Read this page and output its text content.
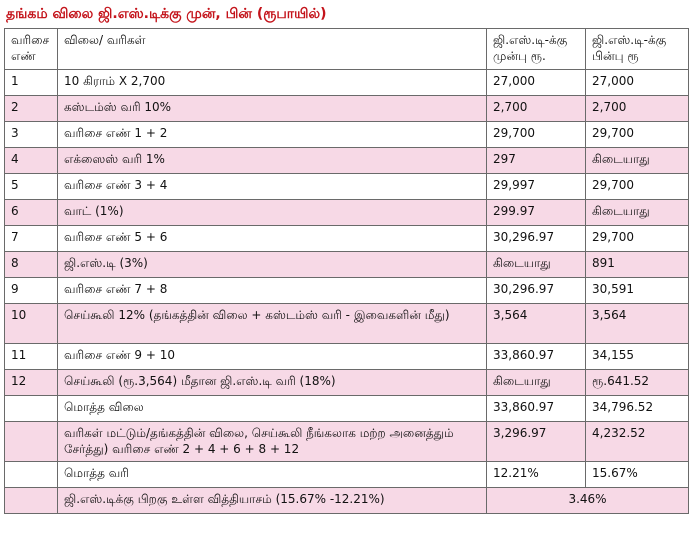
தங்கம் விலை ஜி.எஸ்.டிக்கு முன், பின் (ரூபாயில்)
வரிசை எண்	விலை/ வரிகள்	ஜி.எஸ்.டி-க்கு முன்பு ரூ.	ஜி.எஸ்.டி-க்கு பின்பு ரூ
1	10 கிராம் X 2,700	27,000	27,000
2	கஸ்டம்ஸ் வரி 10%	2,700	2,700
3	வரிசை எண் 1 + 2	29,700	29,700
4	எக்ஸைஸ் வரி 1%	297	கிடையாது
5	வரிசை எண் 3 + 4	29,997	29,700
6	வாட் (1%)	299.97	கிடையாது
7	வரிசை எண் 5 + 6	30,296.97	29,700
8	ஜி.எஸ்.டி (3%)	கிடையாது	891
9	வரிசை எண் 7 + 8	30,296.97	30,591
10	செய்கூலி 12% (தங்கத்தின் விலை + கஸ்டம்ஸ் வரி - இவைகளின் மீது)	3,564	3,564
11	வரிசை எண் 9 + 10	33,860.97	34,155
12	செய்கூலி (ரூ.3,564) மீதான ஜி.எஸ்.டி வரி (18%)	கிடையாது	ரூ.641.52
	மொத்த விலை	33,860.97	34,796.52
	வரிகள் மட்டும்/தங்கத்தின் விலை, செய்கூலி நீங்கலாக மற்ற அனைத்தும் சேர்த்து) வரிசை எண் 2 + 4 + 6 + 8 + 12	3,296.97	4,232.52
	மொத்த வரி	12.21%	15.67%
	ஜி.எஸ்.டிக்கு பிறகு உள்ள வித்தியாசம் (15.67% -12.21%)	3.46%	
